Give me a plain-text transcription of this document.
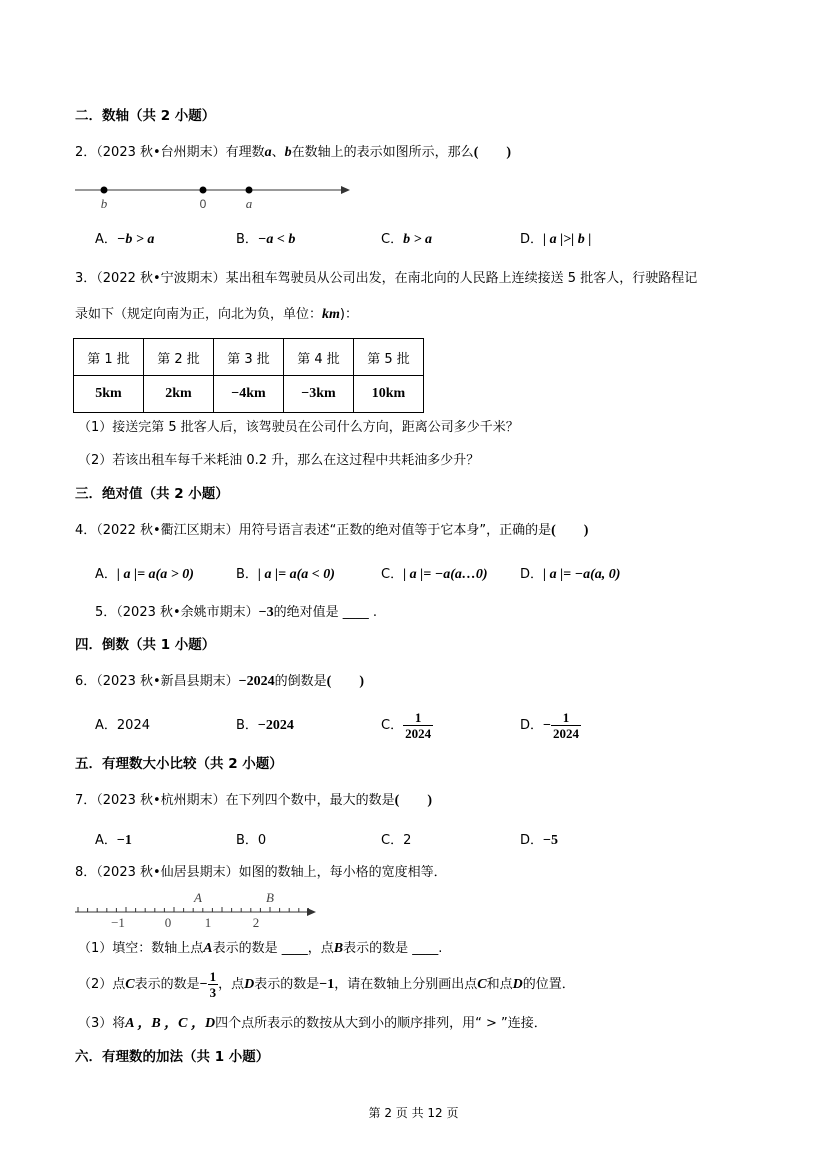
二．数轴（共 2 小题）
2．（2023 秋•台州期末）有理数a、b在数轴上的表示如图所示，那么(　　)
b	0	a
A．−b > a	B．−a < b	C．b > a	D．| a |>| b |
3．（2022 秋•宁波期末）某出租车驾驶员从公司出发，在南北向的人民路上连续接送 5 批客人，行驶路程记
录如下（规定向南为正，向北为负，单位：km)：
第 1 批	第 2 批	第 3 批	第 4 批	第 5 批
5km	2km	−4km	−3km	10km
（1）接送完第 5 批客人后，该驾驶员在公司什么方向，距离公司多少千米？
（2）若该出租车每千米耗油 0.2 升，那么在这过程中共耗油多少升？
三．绝对值（共 2 小题）
4．（2022 秋•衢江区期末）用符号语言表述“正数的绝对值等于它本身”，正确的是(　　)
A．| a |= a(a > 0)	B．| a |= a(a < 0)	C．| a |= −a(a…0) D．| a |= −a(a, 0)
5．（2023 秋•余姚市期末）−3的绝对值是 ____ .
四．倒数（共 1 小题）
6．（2023 秋•新昌县期末）−2024的倒数是(　　)
A．2024	B．−2024	C． $\frac{1}{2024}$	D．− $\frac{1}{2024}$
五．有理数大小比较（共 2 小题）
7．（2023 秋•杭州期末）在下列四个数中，最大的数是(　　)
A．−1	B．0	C．2	D．−5
8．（2023 秋•仙居县期末）如图的数轴上，每小格的宽度相等．
A	B
−1	0	1	2
（1）填空：数轴上点A表示的数是 ____，点B表示的数是 ____.
（2）点C表示的数是− $\frac{1}{3}$ ，点D表示的数是−1，请在数轴上分别画出点C和点D的位置．
（3）将A ，B ，C ，D四个点所表示的数按从大到小的顺序排列，用“ > ”连接．
六．有理数的加法（共 1 小题）
第 2 页 共 12 页
